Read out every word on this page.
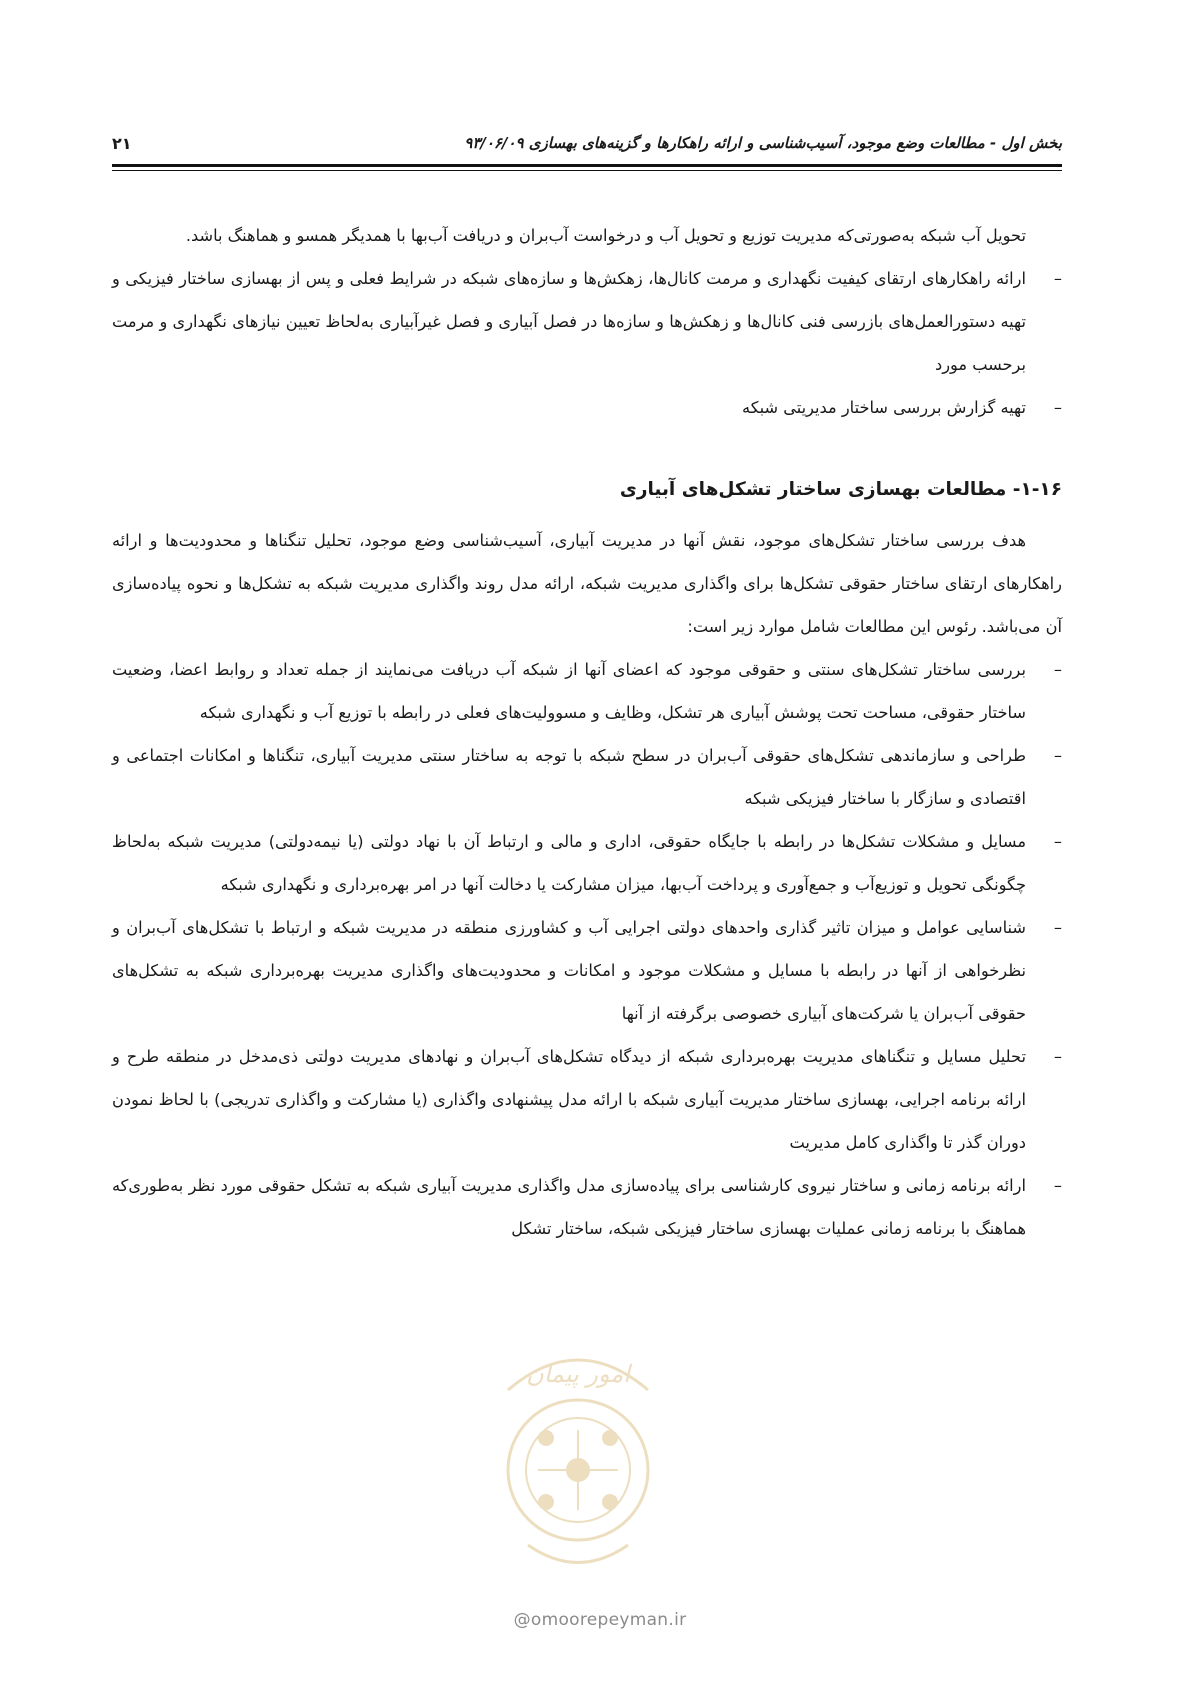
بخش اول - مطالعات وضع موجود، آسیب‌شناسی و ارائه راهکارها و گزینه‌های بهسازی ۹۳/۰۶/۰۹
۲۱

تحویل آب شبکه به‌صورتی‌که مدیریت توزیع و تحویل آب و درخواست آب‌بران و دریافت آب‌بها با همدیگر همسو و هماهنگ باشد.

–

ارائه راهکارهای ارتقای کیفیت نگهداری و مرمت کانال‌ها، زهکش‌ها و سازه‌های شبکه در شرایط فعلی و پس از بهسازی ساختار فیزیکی و تهیه دستورالعمل‌های بازرسی فنی کانال‌ها و زهکش‌ها و سازه‌ها در فصل آبیاری و فصل غیرآبیاری به‌لحاظ تعیین نیازهای نگهداری و مرمت برحسب مورد

–

تهیه گزارش بررسی ساختار مدیریتی شبکه

۱-۱۶- مطالعات بهسازی ساختار تشکل‌های آبیاری

هدف بررسی ساختار تشکل‌های موجود، نقش آنها در مدیریت آبیاری، آسیب‌شناسی وضع موجود، تحلیل تنگناها و محدودیت‌ها و ارائه راهکارهای ارتقای ساختار حقوقی تشکل‌ها برای واگذاری مدیریت شبکه، ارائه مدل روند واگذاری مدیریت شبکه به تشکل‌ها و نحوه پیاده‌سازی آن می‌باشد. رئوس این مطالعات شامل موارد زیر است:

–

بررسی ساختار تشکل‌های سنتی و حقوقی موجود که اعضای آنها از شبکه آب دریافت می‌نمایند از جمله تعداد و روابط اعضا، وضعیت ساختار حقوقی، مساحت تحت پوشش آبیاری هر تشکل، وظایف و مسوولیت‌های فعلی در رابطه با توزیع آب و نگهداری شبکه

–

طراحی و سازماندهی تشکل‌های حقوقی آب‌بران در سطح شبکه با توجه به ساختار سنتی مدیریت آبیاری، تنگناها و امکانات اجتماعی و اقتصادی و سازگار با ساختار فیزیکی شبکه

–

مسایل و مشکلات تشکل‌ها در رابطه با جایگاه حقوقی، اداری و مالی و ارتباط آن با نهاد دولتی (یا نیمه‌دولتی) مدیریت شبکه به‌لحاظ چگونگی تحویل و توزیع‌آب و جمع‌آوری و پرداخت آب‌بها، میزان مشارکت یا دخالت آنها در امر بهره‌برداری و نگهداری شبکه

–

شناسایی عوامل و میزان تاثیر گذاری واحدهای دولتی اجرایی آب و کشاورزی منطقه در مدیریت شبکه و ارتباط با تشکل‌های آب‌بران و نظرخواهی از آنها در رابطه با مسایل و مشکلات موجود و امکانات و محدودیت‌های واگذاری مدیریت بهره‌برداری شبکه به تشکل‌های حقوقی آب‌بران یا شرکت‌های آبیاری خصوصی برگرفته از آنها

–

تحلیل مسایل و تنگناهای مدیریت بهره‌برداری شبکه از دیدگاه تشکل‌های آب‌بران و نهادهای مدیریت دولتی ذی‌مدخل در منطقه طرح و ارائه برنامه اجرایی، بهسازی ساختار مدیریت آبیاری شبکه با ارائه مدل پیشنهادی واگذاری (یا مشارکت و واگذاری تدریجی) با لحاظ نمودن دوران گذر تا واگذاری کامل مدیریت

–

ارائه برنامه زمانی و ساختار نیروی کارشناسی برای پیاده‌سازی مدل واگذاری مدیریت آبیاری شبکه به تشکل حقوقی مورد نظر به‌طوری‌که هماهنگ با برنامه زمانی عملیات بهسازی ساختار فیزیکی شبکه، ساختار تشکل

امور پیمان
@omoorepeyman.ir
